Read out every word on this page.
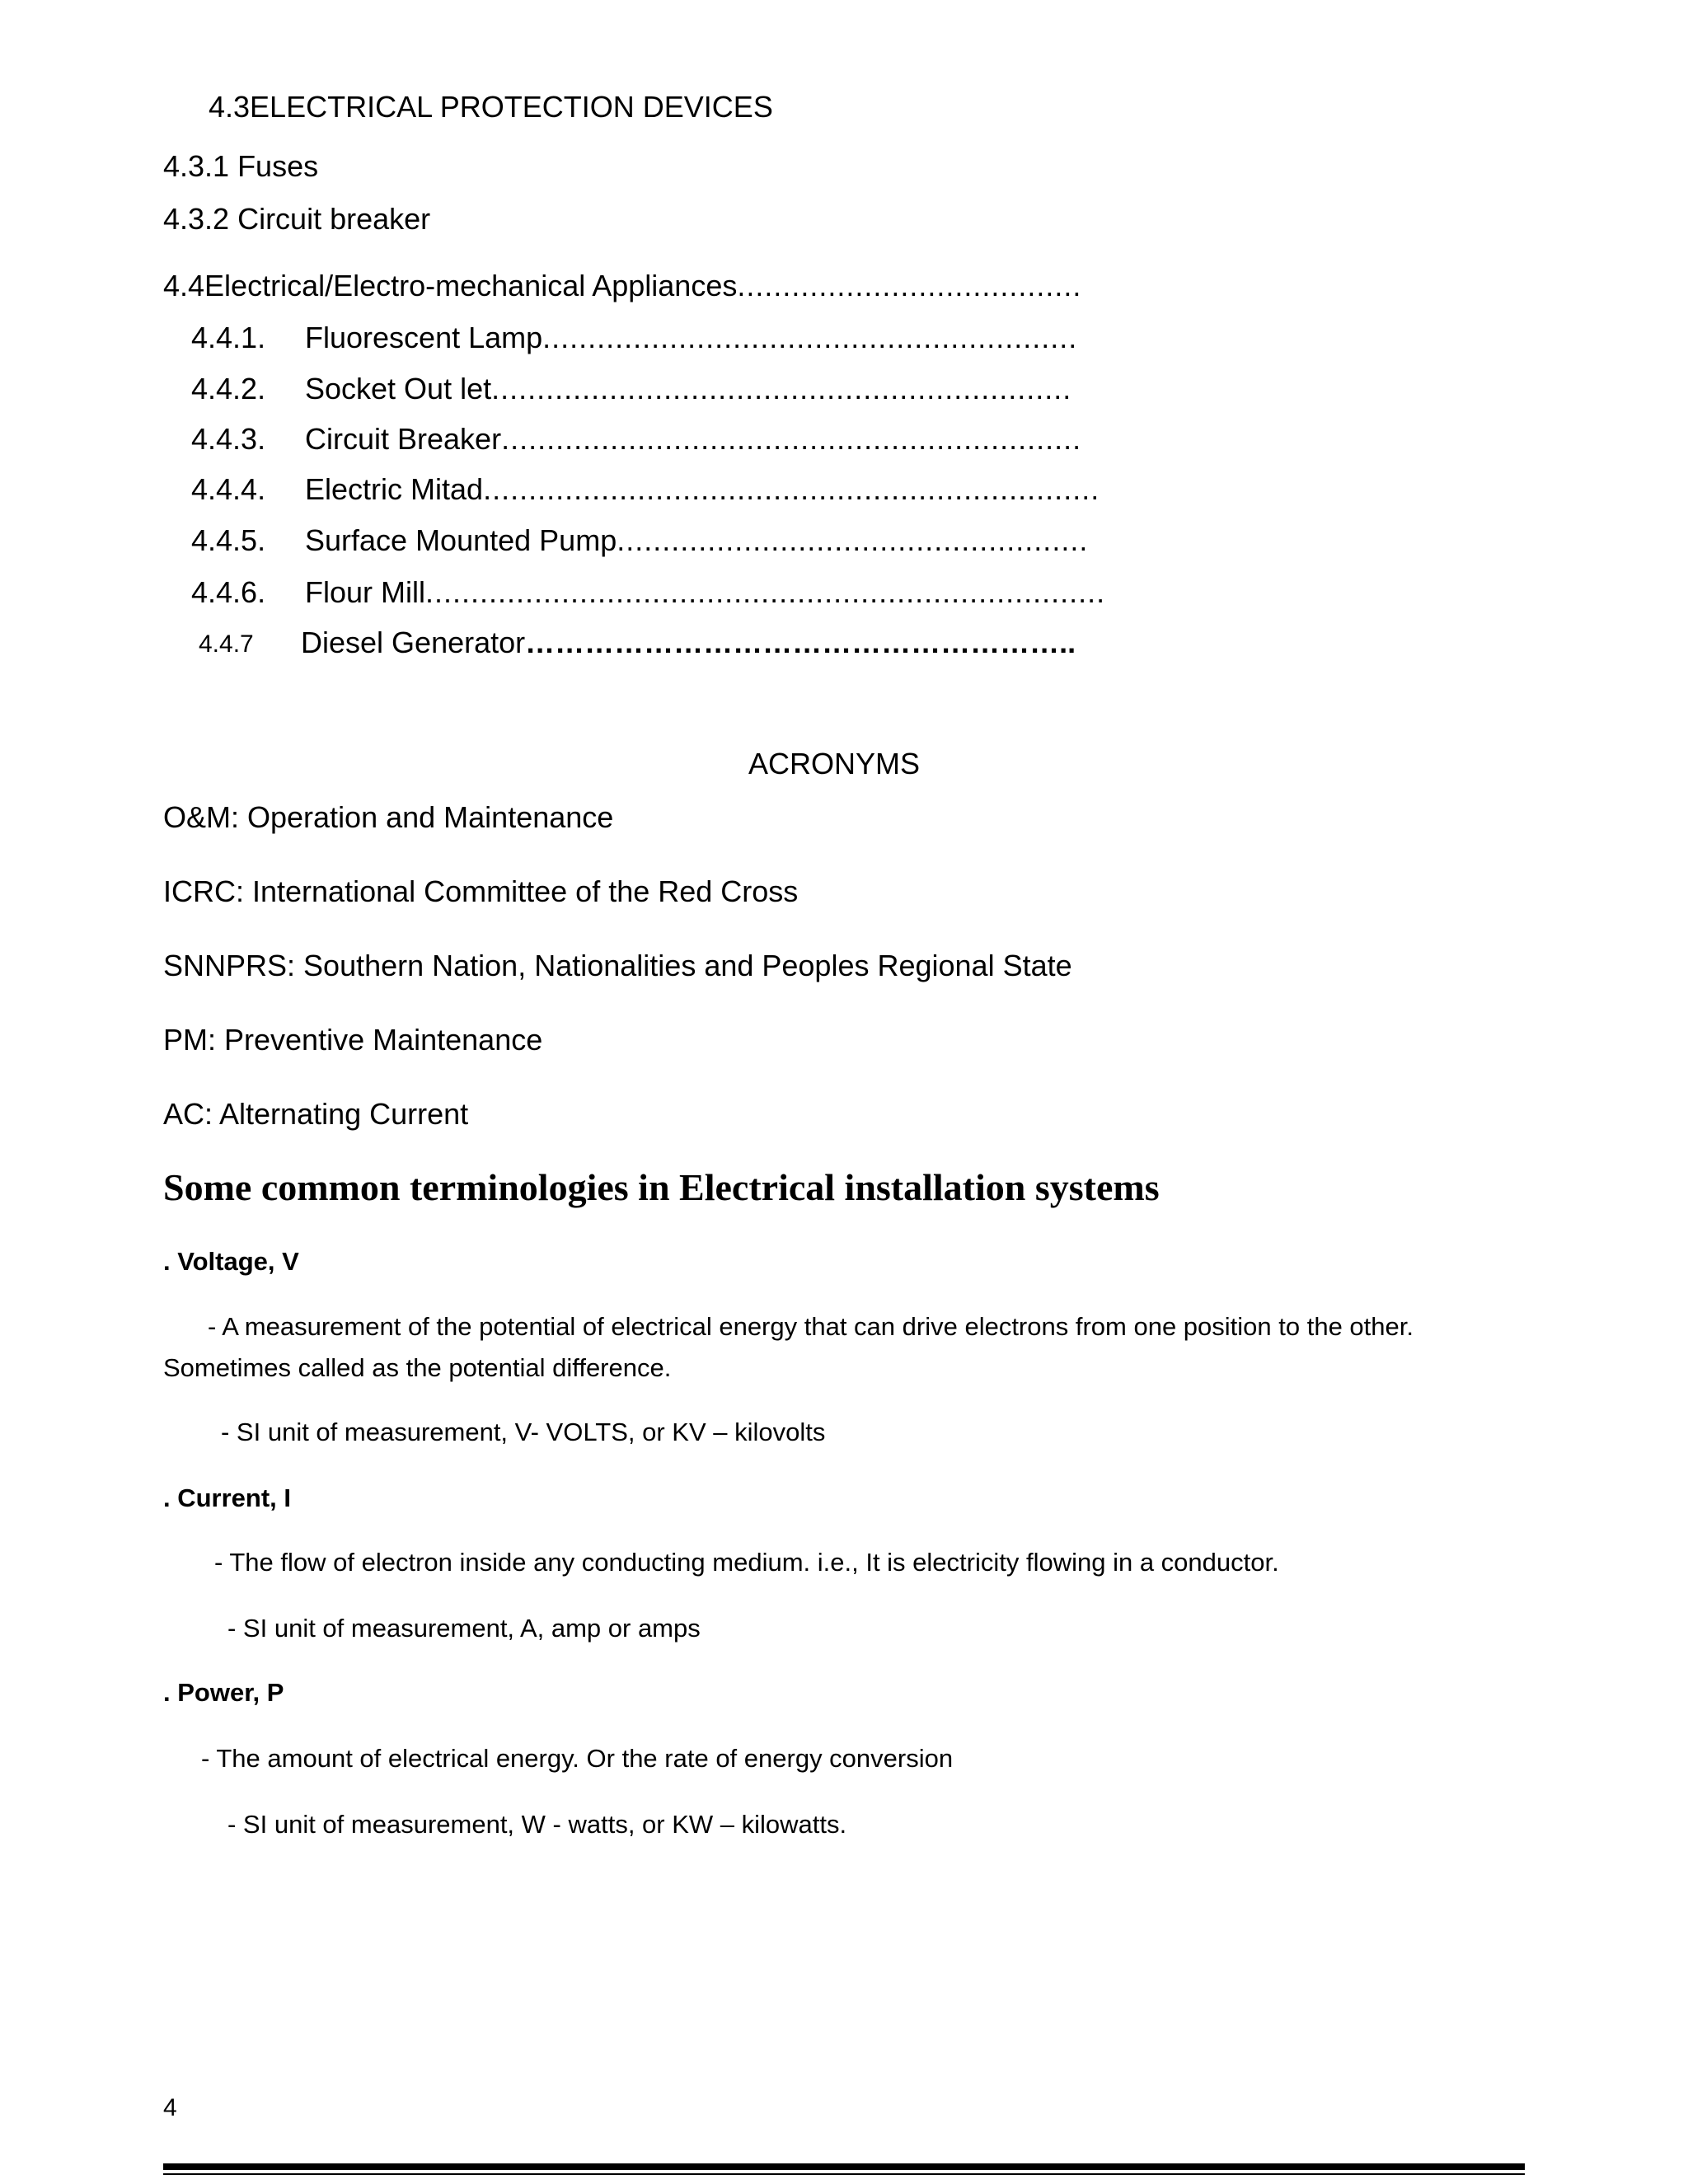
4.3ELECTRICAL PROTECTION DEVICES
4.3.1 Fuses
4.3.2 Circuit breaker
4.4Electrical/Electro-mechanical Appliances......................................
4.4.1. Fluorescent Lamp...........................................................
4.4.2. Socket Out let................................................................
4.4.3. Circuit Breaker................................................................
4.4.4. Electric Mitad....................................................................
4.4.5. Surface Mounted Pump....................................................
4.4.6. Flour Mill...........................................................................
4.4.7 Diesel Generator………………………………………………..
ACRONYMS
O&M: Operation and Maintenance
ICRC: International Committee of the Red Cross
SNNPRS: Southern Nation, Nationalities and Peoples Regional State
PM: Preventive Maintenance
AC: Alternating Current
Some common terminologies in Electrical installation systems
. Voltage, V
- A measurement of the potential of electrical energy that can drive electrons from one position to the other.
Sometimes called as the potential difference.
- SI unit of measurement, V- VOLTS, or KV – kilovolts
. Current, I
- The flow of electron inside any conducting medium. i.e., It is electricity flowing in a conductor.
- SI unit of measurement, A, amp or amps
. Power, P
- The amount of electrical energy. Or the rate of energy conversion
- SI unit of measurement, W - watts, or KW – kilowatts.
4
